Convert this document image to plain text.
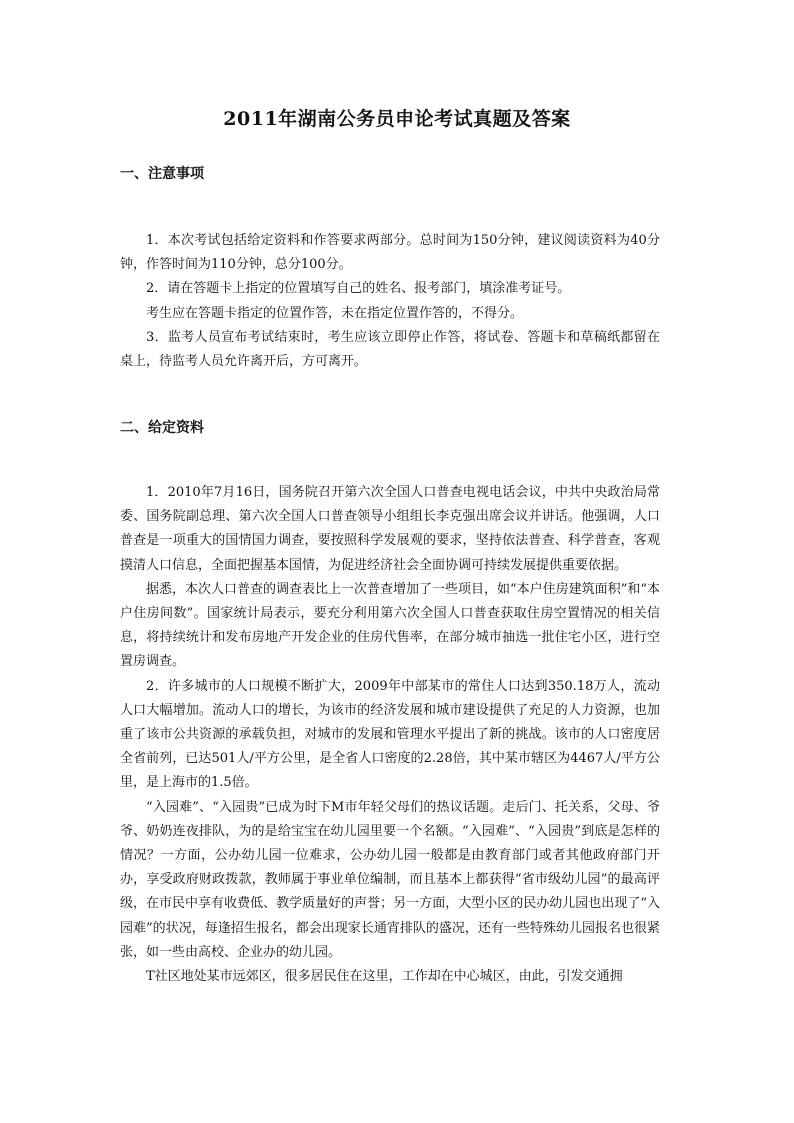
2011年湖南公务员申论考试真题及答案
一、注意事项

1．本次考试包括给定资料和作答要求两部分。总时间为150分钟，建议阅读资料为40分钟，作答时间为110分钟，总分100分。

2．请在答题卡上指定的位置填写自己的姓名、报考部门，填涂准考证号。

考生应在答题卡指定的位置作答，未在指定位置作答的，不得分。

3．监考人员宣布考试结束时，考生应该立即停止作答，将试卷、答题卡和草稿纸都留在桌上，待监考人员允许离开后，方可离开。

二、给定资料

1．2010年7月16日，国务院召开第六次全国人口普查电视电话会议，中共中央政治局常委、国务院副总理、第六次全国人口普查领导小组组长李克强出席会议并讲话。他强调，人口普查是一项重大的国情国力调查，要按照科学发展观的要求，坚持依法普查、科学普查，客观摸清人口信息，全面把握基本国情，为促进经济社会全面协调可持续发展提供重要依据。

据悉，本次人口普查的调查表比上一次普查增加了一些项目，如“本户住房建筑面积”和“本户住房间数”。国家统计局表示，要充分利用第六次全国人口普查获取住房空置情况的相关信息，将持续统计和发布房地产开发企业的住房代售率，在部分城市抽选一批住宅小区，进行空置房调查。

2．许多城市的人口规模不断扩大，2009年中部某市的常住人口达到350.18万人，流动人口大幅增加。流动人口的增长，为该市的经济发展和城市建设提供了充足的人力资源，也加重了该市公共资源的承载负担，对城市的发展和管理水平提出了新的挑战。该市的人口密度居全省前列，已达501人/平方公里，是全省人口密度的2.28倍，其中某市辖区为4467人/平方公里，是上海市的1.5倍。

“入园难”、“入园贵”已成为时下M市年轻父母们的热议话题。走后门、托关系，父母、爷爷、奶奶连夜排队，为的是给宝宝在幼儿园里要一个名额。“入园难”、“入园贵”到底是怎样的情况？一方面，公办幼儿园一位难求，公办幼儿园一般都是由教育部门或者其他政府部门开办，享受政府财政拨款，教师属于事业单位编制，而且基本上都获得“省市级幼儿园”的最高评级，在市民中享有收费低、教学质量好的声誉；另一方面，大型小区的民办幼儿园也出现了“入园难”的状况，每逢招生报名，都会出现家长通宵排队的盛况，还有一些特殊幼儿园报名也很紧张，如一些由高校、企业办的幼儿园。

T社区地处某市远郊区，很多居民住在这里，工作却在中心城区，由此，引发交通拥
